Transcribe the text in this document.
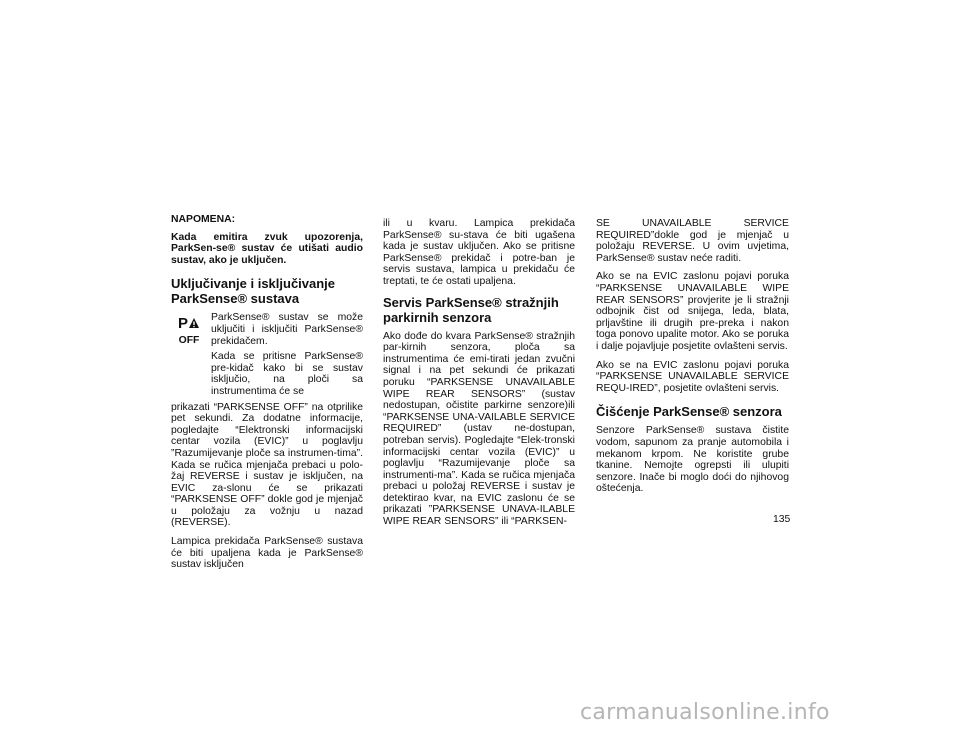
NAPOMENA:

Kada emitira zvuk upozorenja, ParkSen-se® sustav će utišati audio sustav, ako je uključen.

Uključivanje i isključivanje ParkSense® sustava
P
OFF

ParkSense® sustav se može uključiti i isključiti ParkSense® prekidačem.

Kada se pritisne ParkSense® pre-kidač kako bi se sustav isključio, na ploči sa instrumentima će se

prikazati “PARKSENSE OFF” na otprilike pet sekundi. Za dodatne informacije, pogledajte “Elektronski informacijski centar vozila (EVIC)” u poglavlju ”Razumijevanje ploče sa instrumen-tima”. Kada se ručica mjenjača prebaci u polo-žaj REVERSE i sustav je isključen, na EVIC za-slonu će se prikazati “PARKSENSE OFF” dokle god je mjenjač u položaju za vožnju u nazad (REVERSE).

Lampica prekidača ParkSense® sustava će biti upaljena kada je ParkSense® sustav isključen

ili u kvaru. Lampica prekidača ParkSense® su-stava će biti ugašena kada je sustav uključen. Ako se pritisne ParkSense® prekidač i potre-ban je servis sustava, lampica u prekidaču će treptati, te će ostati upaljena.

Servis ParkSense® stražnjih parkirnih senzora

Ako dođe do kvara ParkSense® stražnjih par-kirnih senzora, ploča sa instrumentima će emi-tirati jedan zvučni signal i na pet sekundi će prikazati poruku “PARKSENSE UNAVAILABLE WIPE REAR SENSORS” (sustav nedostupan, očistite parkirne senzore)ili “PARKSENSE UNA-VAILABLE SERVICE REQUIRED” (ustav ne-dostupan, potreban servis). Pogledajte “Elek-tronski informacijski centar vozila (EVIC)” u poglavlju “Razumijevanje ploče sa instrumenti-ma”. Kada se ručica mjenjača prebaci u položaj REVERSE i sustav je detektirao kvar, na EVIC zaslonu će se prikazati ”PARKSENSE UNAVA-ILABLE WIPE REAR SENSORS” ili “PARKSEN-

SE UNAVAILABLE SERVICE REQUIRED”dokle god je mjenjač u položaju REVERSE. U ovim uvjetima, ParkSense® sustav neće raditi.

Ako se na EVIC zaslonu pojavi poruka “PARKSENSE UNAVAILABLE WIPE REAR SENSORS” provjerite je li stražnji odbojnik čist od snijega, leda, blata, prljavštine ili drugih pre-preka i nakon toga ponovo upalite motor. Ako se poruka i dalje pojavljuje posjetite ovlašteni servis.

Ako se na EVIC zaslonu pojavi poruka “PARKSENSE UNAVAILABLE SERVICE REQU-IRED”, posjetite ovlašteni servis.

Čišćenje ParkSense® senzora

Senzore ParkSense® sustava čistite vodom, sapunom za pranje automobila i mekanom krpom. Ne koristite grube tkanine. Nemojte ogrepsti ili ulupiti senzore. Inače bi moglo doći do njihovog oštećenja.

135
carmanualsonline.info
